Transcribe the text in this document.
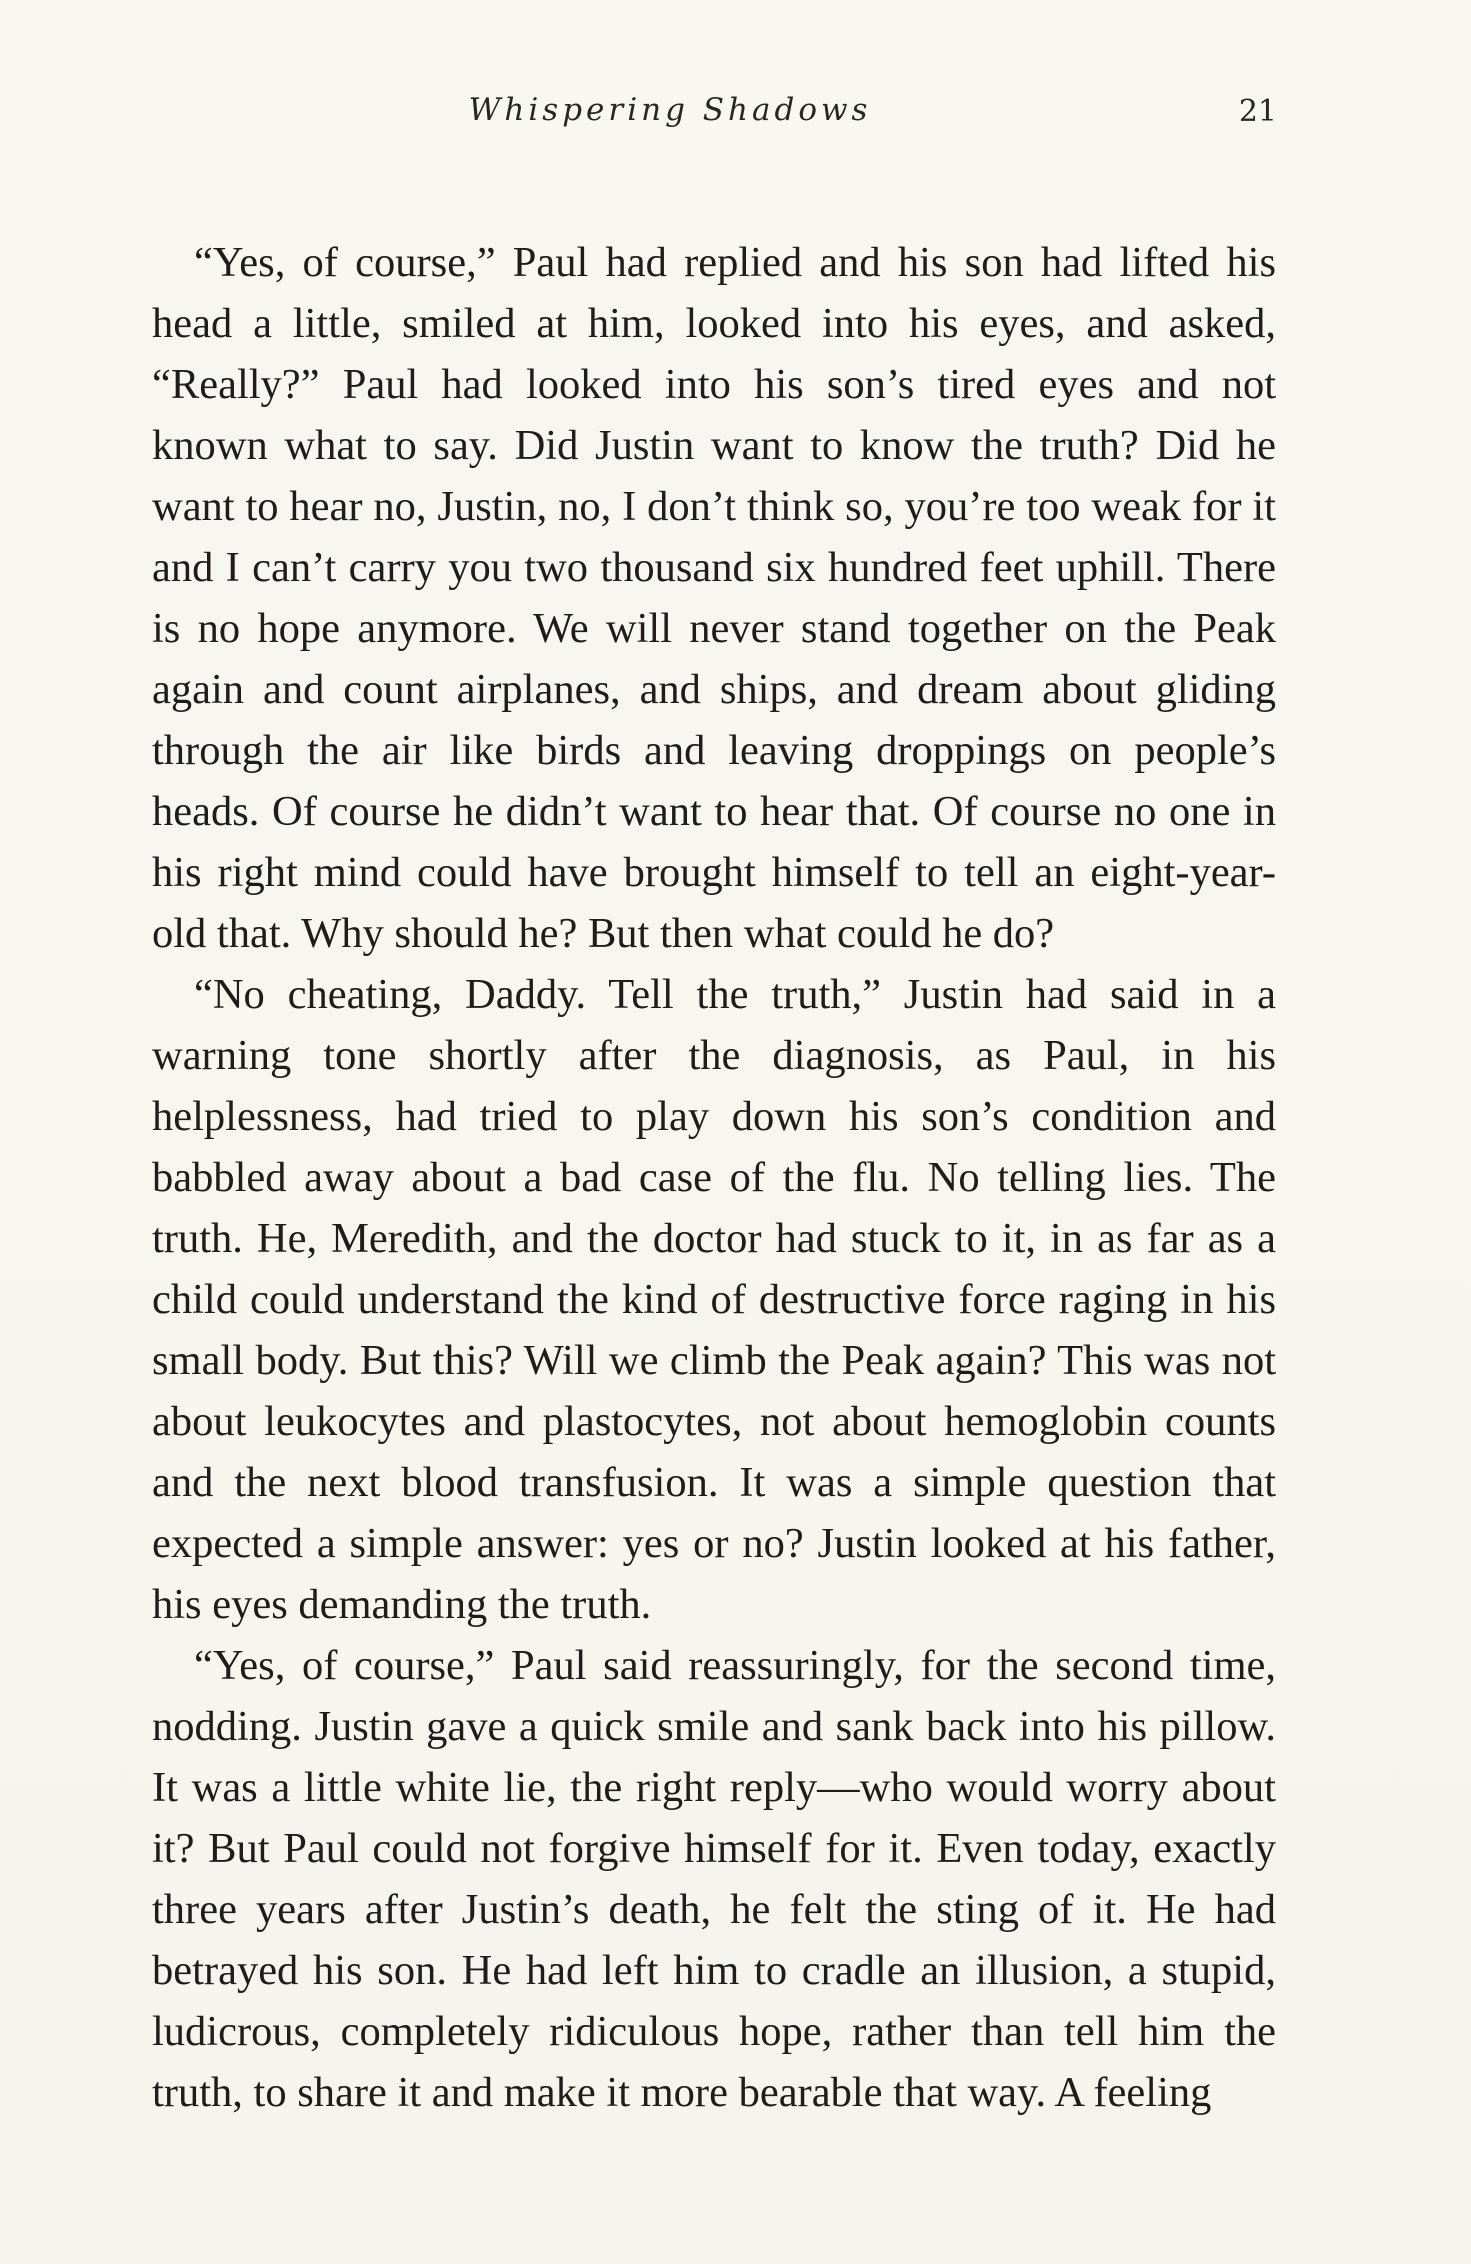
Whispering Shadows	21

“Yes, of course,” Paul had replied and his son had lifted his head a little, smiled at him, looked into his eyes, and asked, “Really?” Paul had looked into his son’s tired eyes and not known what to say. Did Justin want to know the truth? Did he want to hear no, Justin, no, I don’t think so, you’re too weak for it and I can’t carry you two thousand six hundred feet uphill. There is no hope anymore. We will never stand together on the Peak again and count airplanes, and ships, and dream about gliding through the air like birds and leaving droppings on people’s heads. Of course he didn’t want to hear that. Of course no one in his right mind could have brought himself to tell an eight-year-old that. Why should he? But then what could he do?

“No cheating, Daddy. Tell the truth,” Justin had said in a warning tone shortly after the diagnosis, as Paul, in his helplessness, had tried to play down his son’s condition and babbled away about a bad case of the flu. No telling lies. The truth. He, Meredith, and the doctor had stuck to it, in as far as a child could understand the kind of destructive force raging in his small body. But this? Will we climb the Peak again? This was not about leukocytes and plastocytes, not about hemoglobin counts and the next blood transfusion. It was a simple question that expected a simple answer: yes or no? Justin looked at his father, his eyes demanding the truth.

“Yes, of course,” Paul said reassuringly, for the second time, nodding. Justin gave a quick smile and sank back into his pillow. It was a little white lie, the right reply—who would worry about it? But Paul could not forgive himself for it. Even today, exactly three years after Justin’s death, he felt the sting of it. He had betrayed his son. He had left him to cradle an illusion, a stupid, ludicrous, completely ridiculous hope, rather than tell him the truth, to share it and make it more bearable that way. A feeling
